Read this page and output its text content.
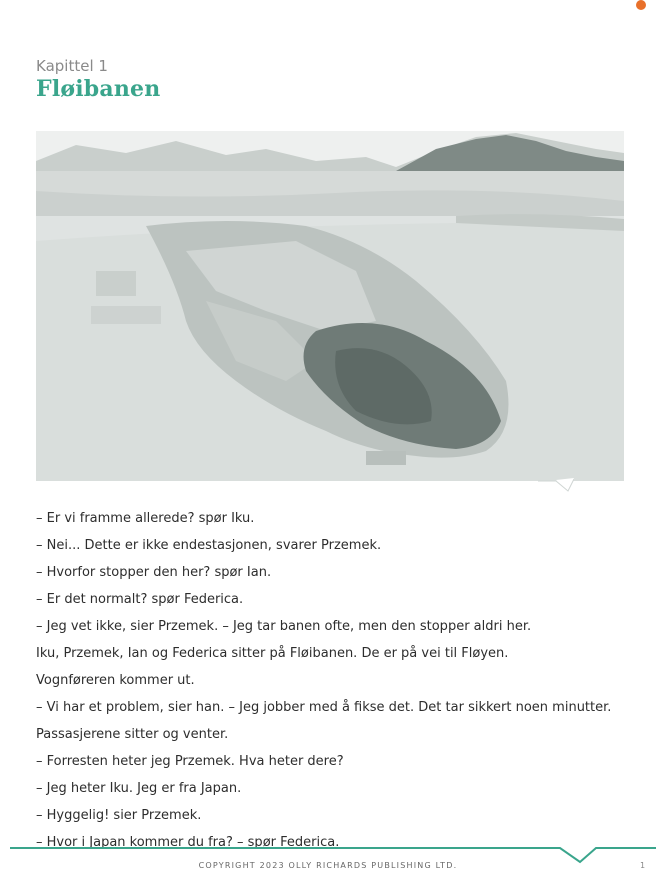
Kapittel 1
Fløibanen
– Er vi framme allerede? spør Iku.
– Nei... Dette er ikke endestasjonen, svarer Przemek.
– Hvorfor stopper den her? spør Ian.
– Er det normalt? spør Federica.
– Jeg vet ikke, sier Przemek. – Jeg tar banen ofte, men den stopper aldri her.
Iku, Przemek, Ian og Federica sitter på Fløibanen. De er på vei til Fløyen.
Vognføreren kommer ut.
– Vi har et problem, sier han. – Jeg jobber med å fikse det. Det tar sikkert noen minutter.
Passasjerene sitter og venter.
– Forresten heter jeg Przemek. Hva heter dere?
– Jeg heter Iku. Jeg er fra Japan.
– Hyggelig! sier Przemek.
– Hvor i Japan kommer du fra? – spør Federica.
COPYRIGHT 2023 OLLY RICHARDS PUBLISHING LTD.	1
